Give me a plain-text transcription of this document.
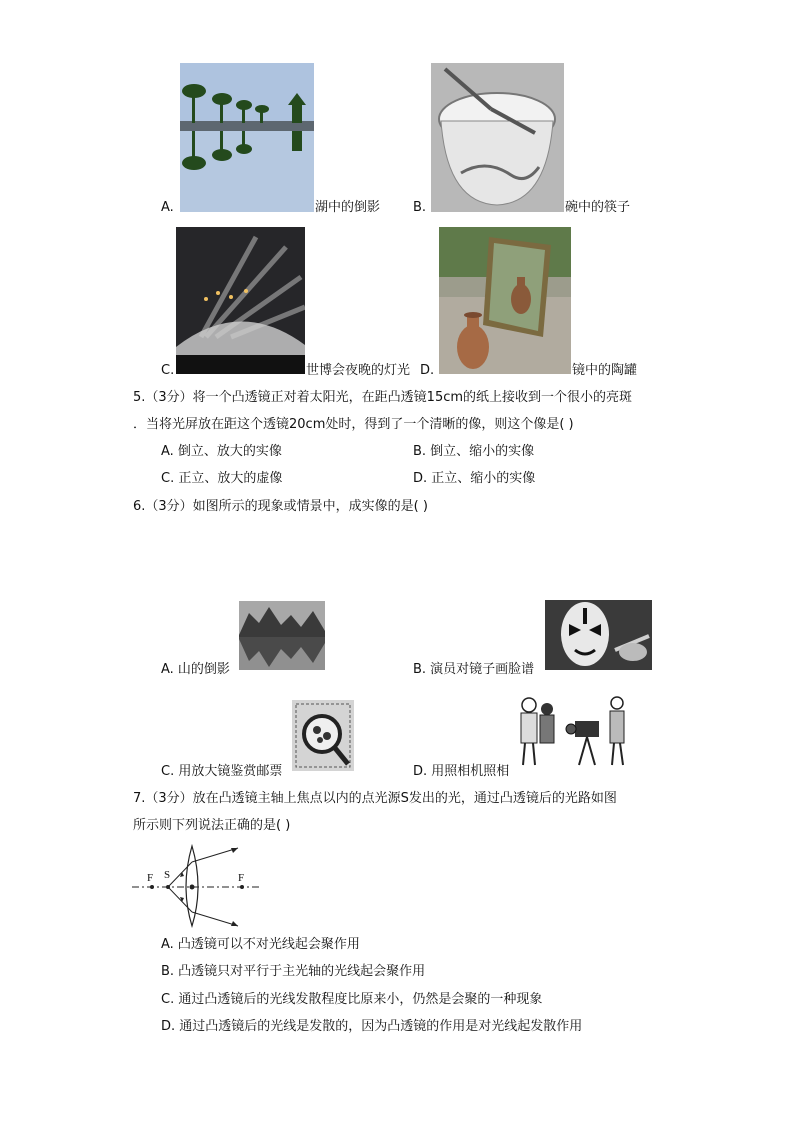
A.	湖中的倒影	B.	碗中的筷子
C.	世博会夜晚的灯光 D.	镜中的陶罐
5.（3分）将一个凸透镜正对着太阳光，在距凸透镜15cm的纸上接收到一个很小的亮斑
．当将光屏放在距这个透镜20cm处时，得到了一个清晰的像，则这个像是( )
A. 倒立、放大的实像	B. 倒立、缩小的实像
C. 正立、放大的虚像	D. 正立、缩小的实像
6.（3分）如图所示的现象或情景中，成实像的是( )
A. 山的倒影	B. 演员对镜子画脸谱
C. 用放大镜鉴赏邮票	D. 用照相机照相
7.（3分）放在凸透镜主轴上焦点以内的点光源S发出的光，通过凸透镜后的光路如图
所示则下列说法正确的是( )
F S	F
A. 凸透镜可以不对光线起会聚作用
B. 凸透镜只对平行于主光轴的光线起会聚作用
C. 通过凸透镜后的光线发散程度比原来小，仍然是会聚的一种现象
D. 通过凸透镜后的光线是发散的，因为凸透镜的作用是对光线起发散作用
